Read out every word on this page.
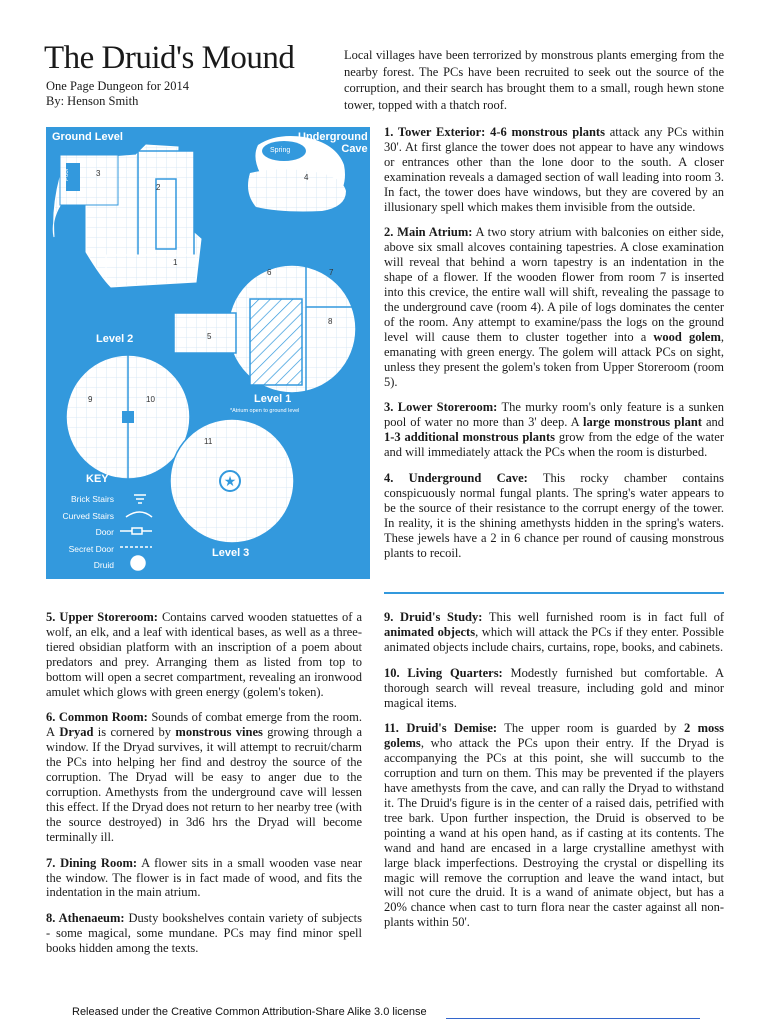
The Druid's Mound
One Page Dungeon for 2014
By: Henson Smith
Local villages have been terrorized by monstrous plants emerging from the nearby forest. The PCs have been recruited to seek out the source of the corruption, and their search has brought them to a small, rough hewn stone tower, topped with a thatch roof.
★
Ground Level	Underground
Cave
Spring
Pool
Level 2
Level 1
*Atrium open to ground level
Level 3
1
2
3	4
5
6	7
8
9	10
11
KEY
Brick Stairs
Curved Stairs
Door
Secret Door
Druid

1. Tower Exterior: 4-6 monstrous plants attack any PCs within 30'. At first glance the tower does not appear to have any windows or entrances other than the lone door to the south. A closer examination reveals a damaged section of wall leading into room 3. In fact, the tower does have windows, but they are covered by an illusionary spell which makes them invisible from the outside.

2. Main Atrium: A two story atrium with balconies on either side, above six small alcoves containing tapestries. A close examination will reveal that behind a worn tapestry is an indentation in the shape of a flower. If the wooden flower from room 7 is inserted into this crevice, the entire wall will shift, revealing the passage to the underground cave (room 4). A pile of logs dominates the center of the room. Any attempt to examine/pass the logs on the ground level will cause them to cluster together into a wood golem, emanating with green energy. The golem will attack PCs on sight, unless they present the golem's token from Upper Storeroom (room 5).

3. Lower Storeroom: The murky room's only feature is a sunken pool of water no more than 3' deep. A large monstrous plant and 1-3 additional monstrous plants grow from the edge of the water and will immediately attack the PCs when the room is disturbed.

4. Underground Cave: This rocky chamber contains conspicuously normal fungal plants. The spring's water appears to be the source of their resistance to the corrupt energy of the tower. In reality, it is the shining amethysts hidden in the spring's waters. These jewels have a 2 in 6 chance per round of causing monstrous plants to recoil.

5. Upper Storeroom: Contains carved wooden statuettes of a wolf, an elk, and a leaf with identical bases, as well as a three-tiered obsidian platform with an inscription of a poem about predators and prey. Arranging them as listed from top to bottom will open a secret compartment, revealing an ironwood amulet which glows with green energy (golem's token).

6. Common Room: Sounds of combat emerge from the room. A Dryad is cornered by monstrous vines growing through a window. If the Dryad survives, it will attempt to recruit/charm the PCs into helping her find and destroy the source of the corruption. The Dryad will be easy to anger due to the corruption. Amethysts from the underground cave will lessen this effect. If the Dryad does not return to her nearby tree (with the source destroyed) in 3d6 hrs the Dryad will become terminally ill.

7. Dining Room: A flower sits in a small wooden vase near the window. The flower is in fact made of wood, and fits the indentation in the main atrium.

8. Athenaeum: Dusty bookshelves contain variety of subjects - some magical, some mundane. PCs may find minor spell books hidden among the texts.

9. Druid's Study: This well furnished room is in fact full of animated objects, which will attack the PCs if they enter. Possible animated objects include chairs, curtains, rope, books, and cabinets.

10. Living Quarters: Modestly furnished but comfortable. A thorough search will reveal treasure, including gold and minor magical items.

11. Druid's Demise: The upper room is guarded by 2 moss golems, who attack the PCs upon their entry. If the Dryad is accompanying the PCs at this point, she will succumb to the corruption and turn on them. This may be prevented if the players have amethysts from the cave, and can rally the Dryad to withstand it. The Druid's figure is in the center of a raised dais, petrified with tree bark. Upon further inspection, the Druid is observed to be pointing a wand at his open hand, as if casting at its contents. The wand and hand are encased in a large crystalline amethyst with large black imperfections. Destroying the crystal or dispelling its magic will remove the corruption and leave the wand intact, but will not cure the druid. It is a wand of animate object, but has a 20% chance when cast to turn flora near the caster against all non-plants within 50'.

Released under the Creative Common Attribution-Share Alike 3.0 license
